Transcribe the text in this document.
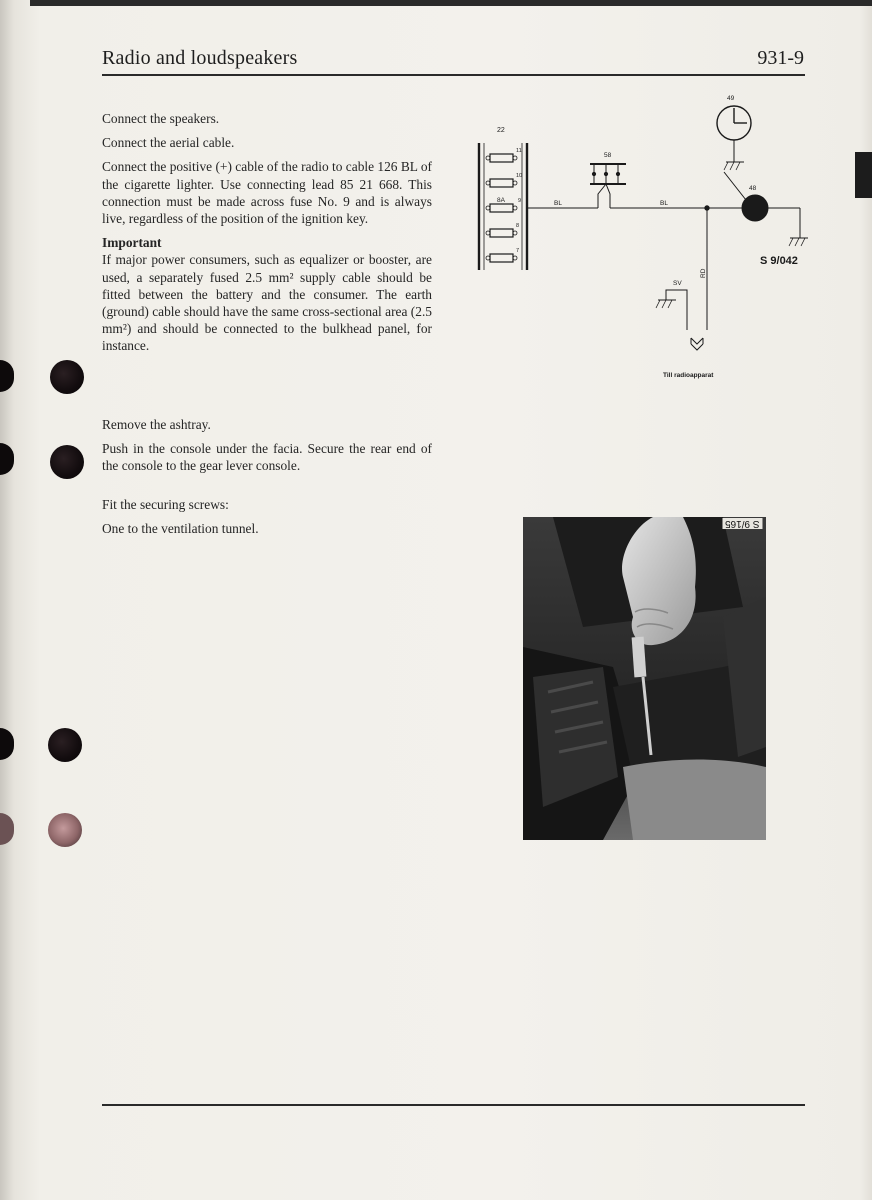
Radio and loudspeakers	931-9

Connect the speakers.

Connect the aerial cable.

Connect the positive (+) cable of the radio to cable 126 BL of the cigarette lighter. Use connecting lead 85 21 668. This connection must be made across fuse No. 9 and is always live, regardless of the position of the ignition key.

Important

If major power consumers, such as equalizer or booster, are used, a separately fused 2.5 mm² supply cable should be fitted between the battery and the consumer. The earth (ground) cable should have the same cross-sectional area (2.5 mm²) and should be connected to the bulkhead panel, for instance.

Remove the ashtray.

Push in the console under the facia. Secure the rear end of the console to the gear lever console.

Fit the securing screws:

One to the ventilation tunnel.

22
11
10
9
8A
8
7
BL
58
BL
49
48
S 9/042
RD
SV
Till radioapparat
S 9/165
